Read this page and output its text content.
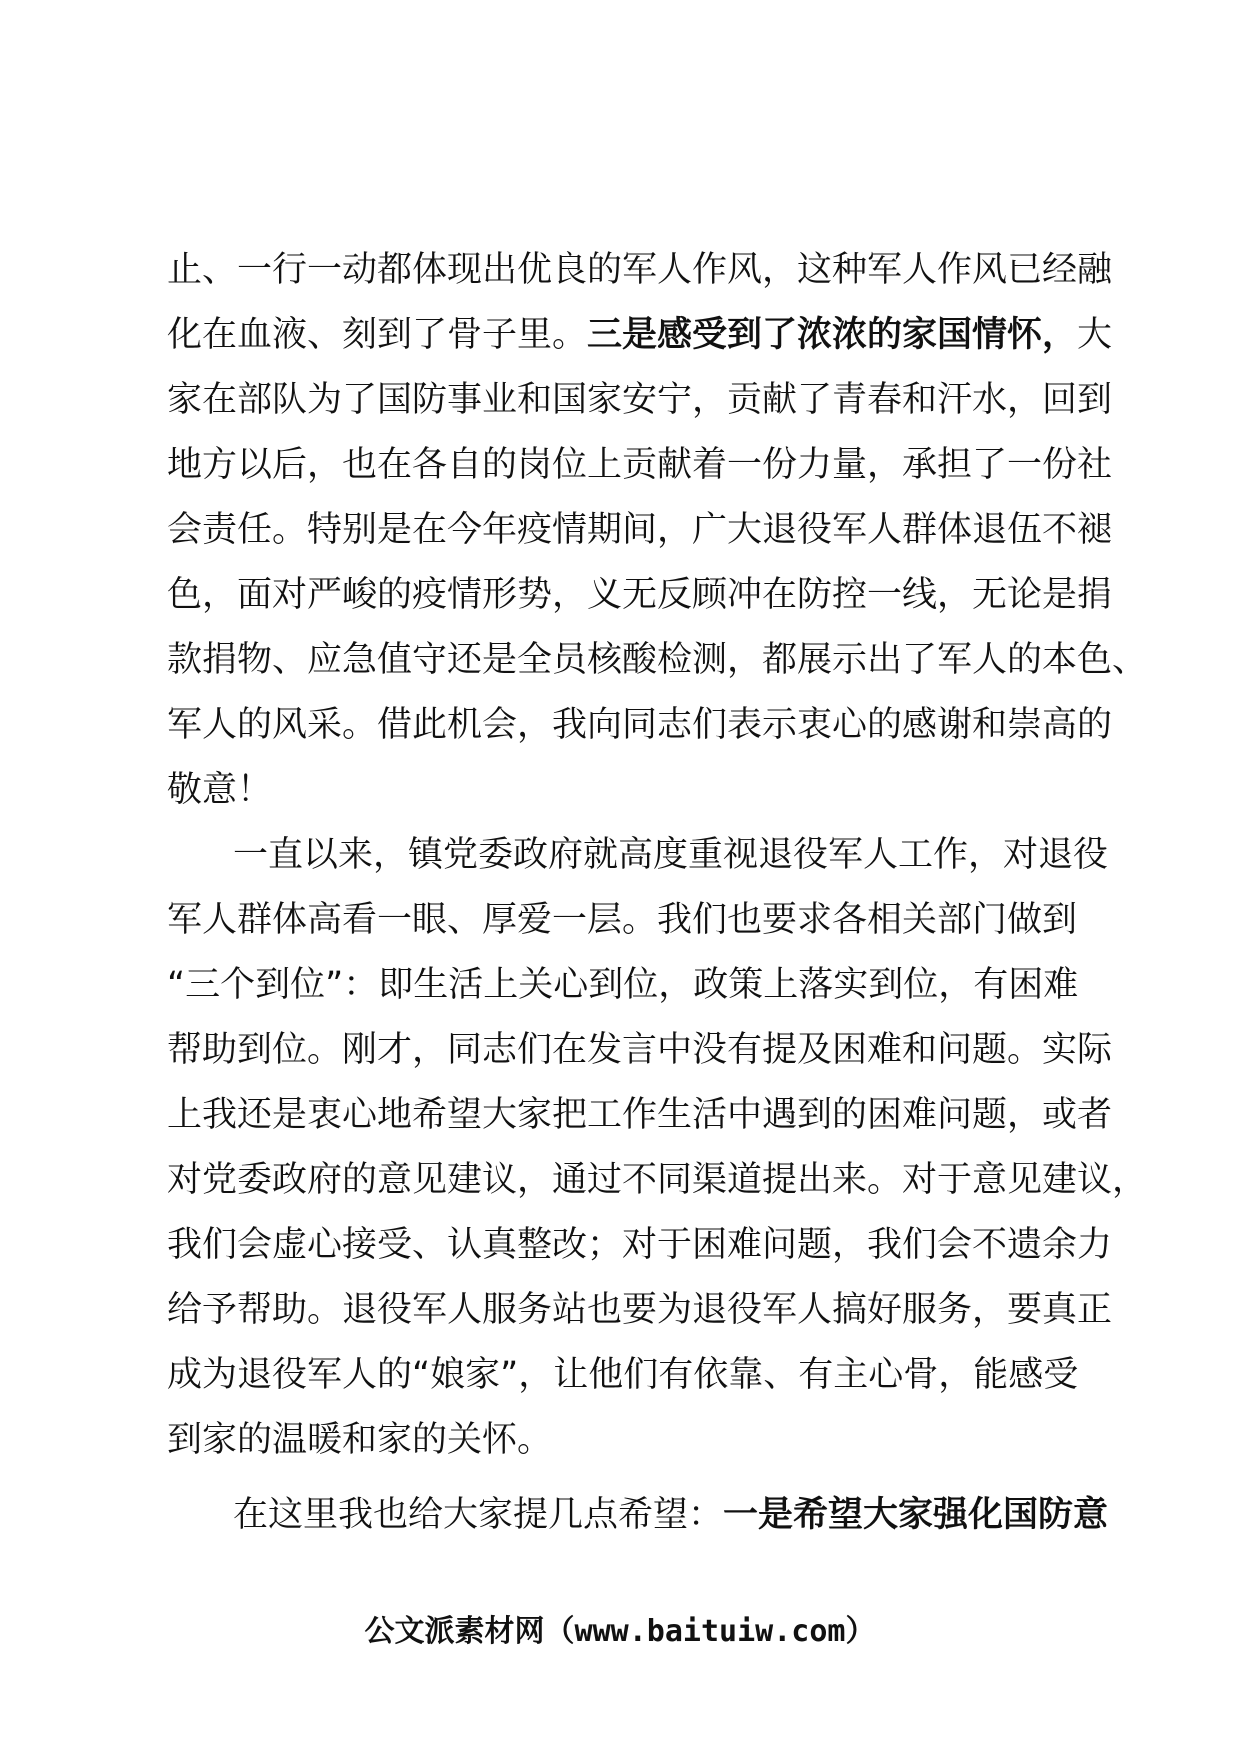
止、一行一动都体现出优良的军人作风，这种军人作风已经融
化在血液、刻到了骨子里。三是感受到了浓浓的家国情怀，大
家在部队为了国防事业和国家安宁，贡献了青春和汗水，回到
地方以后，也在各自的岗位上贡献着一份力量，承担了一份社
会责任。特别是在今年疫情期间，广大退役军人群体退伍不褪
色，面对严峻的疫情形势，义无反顾冲在防控一线，无论是捐
款捐物、应急值守还是全员核酸检测，都展示出了军人的本色、
军人的风采。借此机会，我向同志们表示衷心的感谢和崇高的
敬意！
一直以来，镇党委政府就高度重视退役军人工作，对退役
军人群体高看一眼、厚爱一层。我们也要求各相关部门做到
“三个到位”：即生活上关心到位，政策上落实到位，有困难
帮助到位。刚才，同志们在发言中没有提及困难和问题。实际
上我还是衷心地希望大家把工作生活中遇到的困难问题，或者
对党委政府的意见建议，通过不同渠道提出来。对于意见建议，
我们会虚心接受、认真整改；对于困难问题，我们会不遗余力
给予帮助。退役军人服务站也要为退役军人搞好服务，要真正
成为退役军人的“娘家”，让他们有依靠、有主心骨，能感受
到家的温暖和家的关怀。
在这里我也给大家提几点希望：一是希望大家强化国防意
公文派素材网（www.baituiw.com）
